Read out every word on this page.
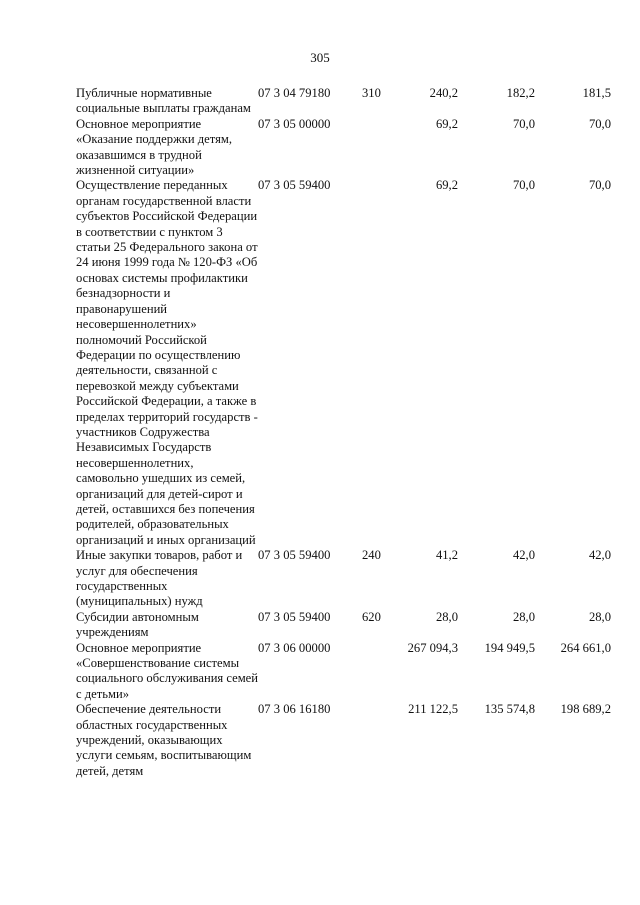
305
Публичные нормативные социальные выплаты гражданам	07 3 04 79180	310	240,2	182,2	181,5
Основное мероприятие «Оказание поддержки детям, оказавшимся в трудной жизненной ситуации»	07 3 05 00000		69,2	70,0	70,0
Осуществление переданных органам государственной власти субъектов Российской Федерации в соответствии с пунктом 3 статьи 25 Федерального закона от 24 июня 1999 года № 120-ФЗ «Об основах системы профилактики безнадзорности и правонарушений несовершеннолетних» полномочий Российской Федерации по осуществлению деятельности, связанной с перевозкой между субъектами Российской Федерации, а также в пределах территорий государств - участников Содружества Независимых Государств несовершеннолетних, самовольно ушедших из семей, организаций для детей-сирот и детей, оставшихся без попечения родителей, образовательных организаций и иных организаций	07 3 05 59400		69,2	70,0	70,0
Иные закупки товаров, работ и услуг для обеспечения государственных (муниципальных) нужд	07 3 05 59400	240	41,2	42,0	42,0
Субсидии автономным учреждениям	07 3 05 59400	620	28,0	28,0	28,0
Основное мероприятие «Совершенствование системы социального обслуживания семей с детьми»	07 3 06 00000		267 094,3	194 949,5	264 661,0
Обеспечение деятельности областных государственных учреждений, оказывающих услуги семьям, воспитывающим детей, детям	07 3 06 16180		211 122,5	135 574,8	198 689,2
